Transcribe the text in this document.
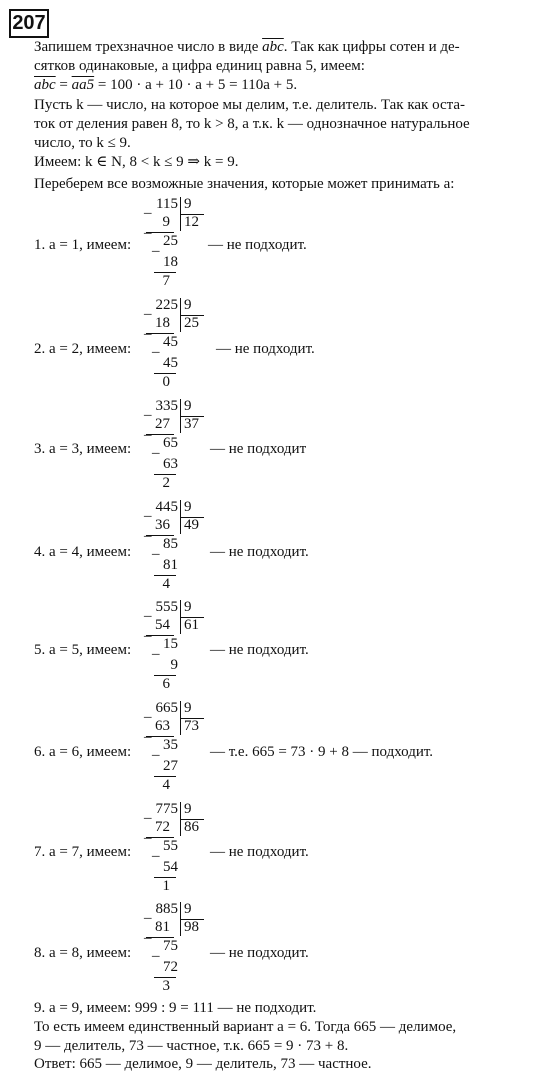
207
Запишем трехзначное число в виде $\overline{abc}$. Так как цифры сотен и де-
сятков одинаковые, а цифра единиц равна 5, имеем:
$\overline{abc} = aa5 = 100 \cdot a + 10 \cdot a + 5 = 110a + 5$.
Пусть k — число, на которое мы делим, т.е. делитель. Так как оста-
ток от деления равен 8, то k > 8, а т.к. k — однозначное натуральное
число, то k ≤ 9.
Имеем: k ∈ N, 8 < k ≤ 9 ⇒ k = 9.
Переберем все возможные значения, которые может принимать a:
1. a = 1, имеем:	— не подходит.
_ 115 9
12
9
_
25
_
18
7
2. a = 2, имеем:	— не подходит.
_ 225 9
25
18
_
45
_
45
0
3. a = 3, имеем:	— не подходит
_ 335 9
37
27
_
65
_
63
2
4. a = 4, имеем:	— не подходит.
_ 445 9
49
36
_
85
_
81
4
5. a = 5, имеем:	— не подходит.
_ 555 9
61
54
_
15
_
9
6
6. a = 6, имеем:	— т.е. 665 = 73 · 9 + 8 — подходит.
_ 665 9
73
63
_
35
_
27
4
7. a = 7, имеем:	— не подходит.
_ 775 9
86
72
_
55
_
54
1
8. a = 8, имеем:	— не подходит.
_ 885 9
98
81
_
75
_
72
3
9. a = 9, имеем: 999 : 9 = 111 — не подходит.
То есть имеем единственный вариант a = 6. Тогда 665 — делимое,
9 — делитель, 73 — частное, т.к. 665 = 9 · 73 + 8.
Ответ: 665 — делимое, 9 — делитель, 73 — частное.
